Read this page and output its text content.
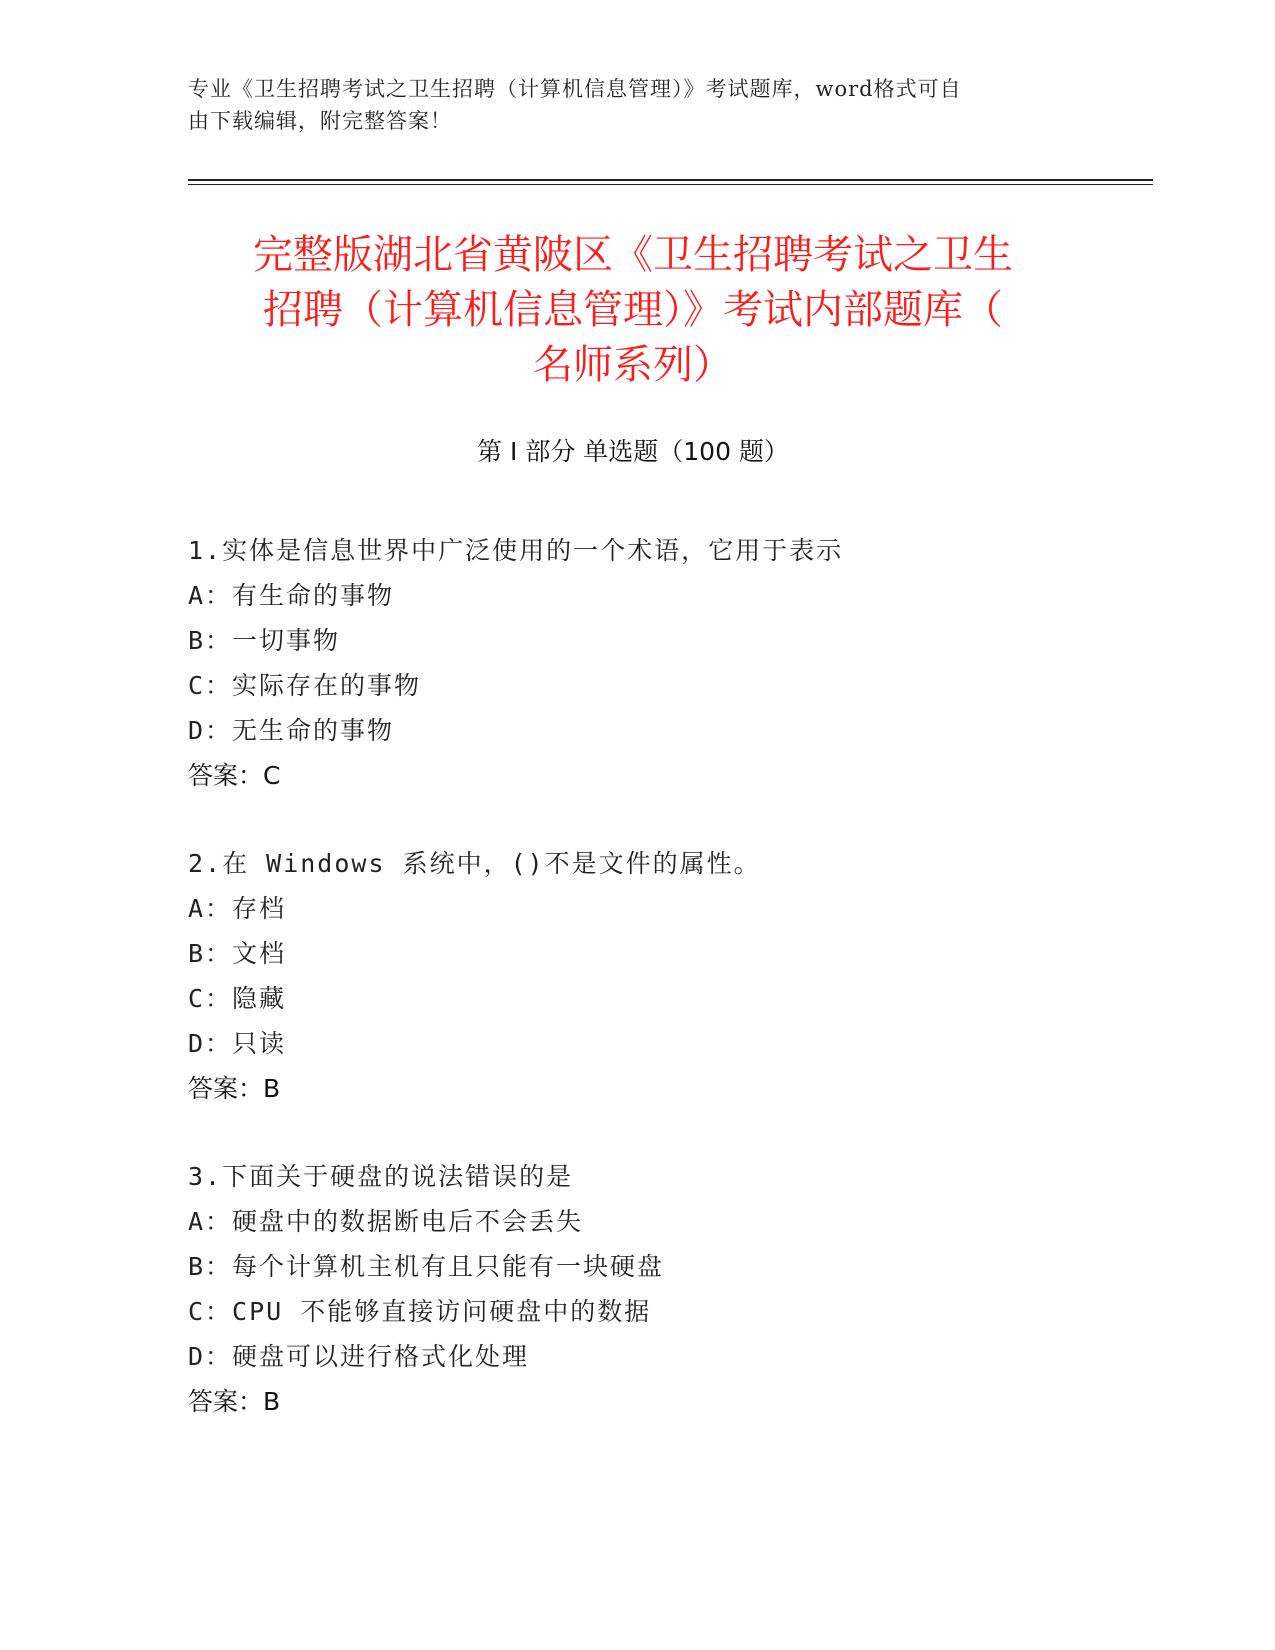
专业《卫生招聘考试之卫生招聘（计算机信息管理）》考试题库，word格式可自
由下载编辑，附完整答案！
完整版湖北省黄陂区《卫生招聘考试之卫生
招聘（计算机信息管理）》考试内部题库（
名师系列）
第 I 部分 单选题（100 题）
1.实体是信息世界中广泛使用的一个术语，它用于表示
A：有生命的事物
B：一切事物
C：实际存在的事物
D：无生命的事物
答案：C
2.在 Windows 系统中，()不是文件的属性。
A：存档
B：文档
C：隐藏
D：只读
答案：B
3.下面关于硬盘的说法错误的是
A：硬盘中的数据断电后不会丢失
B：每个计算机主机有且只能有一块硬盘
C：CPU 不能够直接访问硬盘中的数据
D：硬盘可以进行格式化处理
答案：B
